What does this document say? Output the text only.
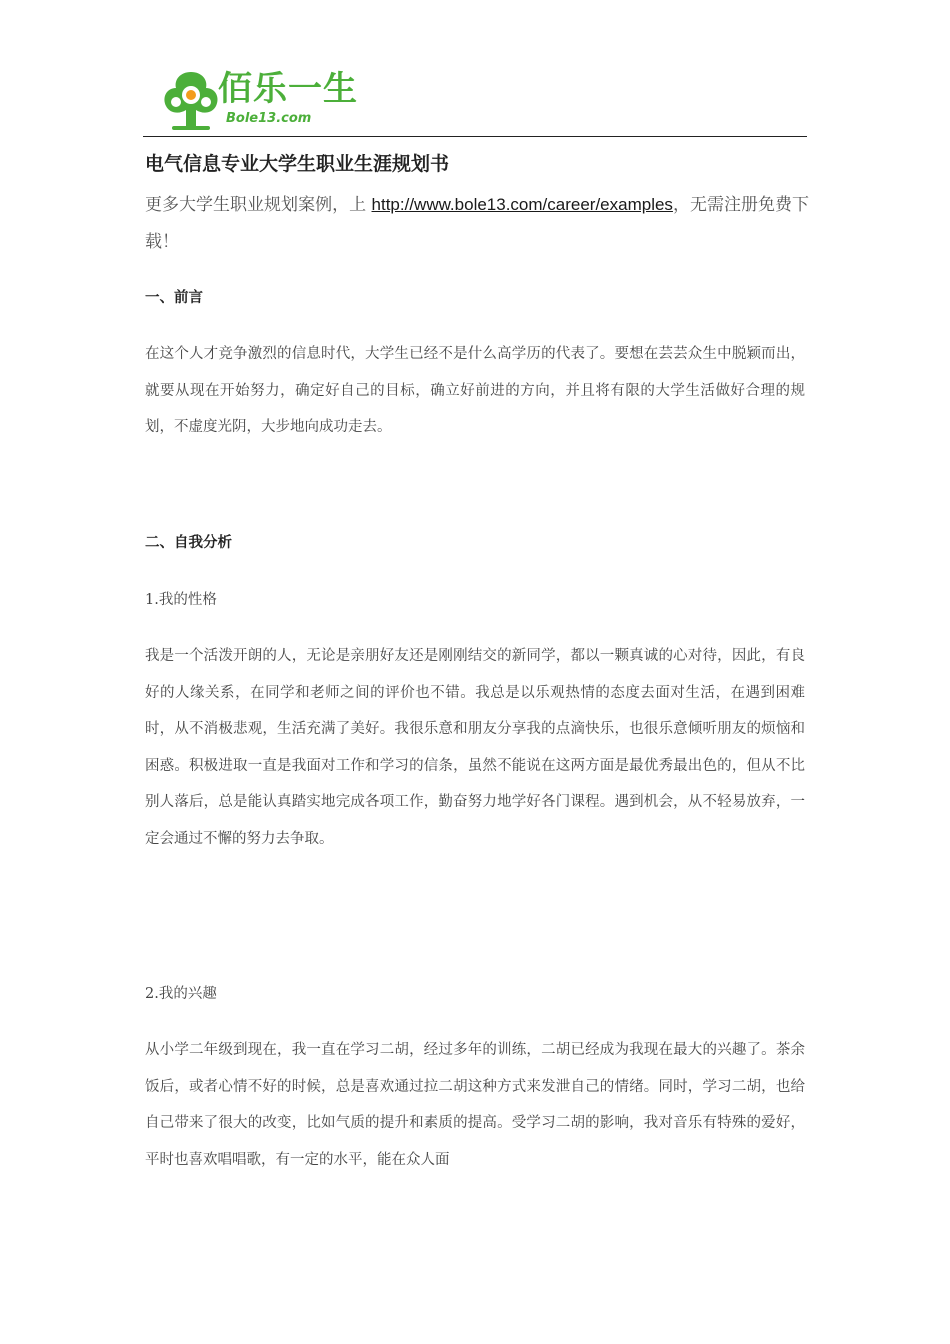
佰乐一生
Bole13.com
电气信息专业大学生职业生涯规划书
更多大学生职业规划案例，上 http://www.bole13.com/career/examples，无需注册免费下载！
一、前言
在这个人才竞争激烈的信息时代，大学生已经不是什么高学历的代表了。要想在芸芸众生中脱颖而出，就要从现在开始努力，确定好自己的目标，确立好前进的方向，并且将有限的大学生活做好合理的规划，不虚度光阴，大步地向成功走去。
二、自我分析
1.我的性格
我是一个活泼开朗的人，无论是亲朋好友还是刚刚结交的新同学，都以一颗真诚的心对待，因此，有良好的人缘关系，在同学和老师之间的评价也不错。我总是以乐观热情的态度去面对生活，在遇到困难时，从不消极悲观，生活充满了美好。我很乐意和朋友分享我的点滴快乐，也很乐意倾听朋友的烦恼和困惑。积极进取一直是我面对工作和学习的信条，虽然不能说在这两方面是最优秀最出色的，但从不比别人落后，总是能认真踏实地完成各项工作，勤奋努力地学好各门课程。遇到机会，从不轻易放弃，一定会通过不懈的努力去争取。
2.我的兴趣
从小学二年级到现在，我一直在学习二胡，经过多年的训练，二胡已经成为我现在最大的兴趣了。茶余饭后，或者心情不好的时候，总是喜欢通过拉二胡这种方式来发泄自己的情绪。同时，学习二胡，也给自己带来了很大的改变，比如气质的提升和素质的提高。受学习二胡的影响，我对音乐有特殊的爱好，平时也喜欢唱唱歌，有一定的水平，能在众人面
